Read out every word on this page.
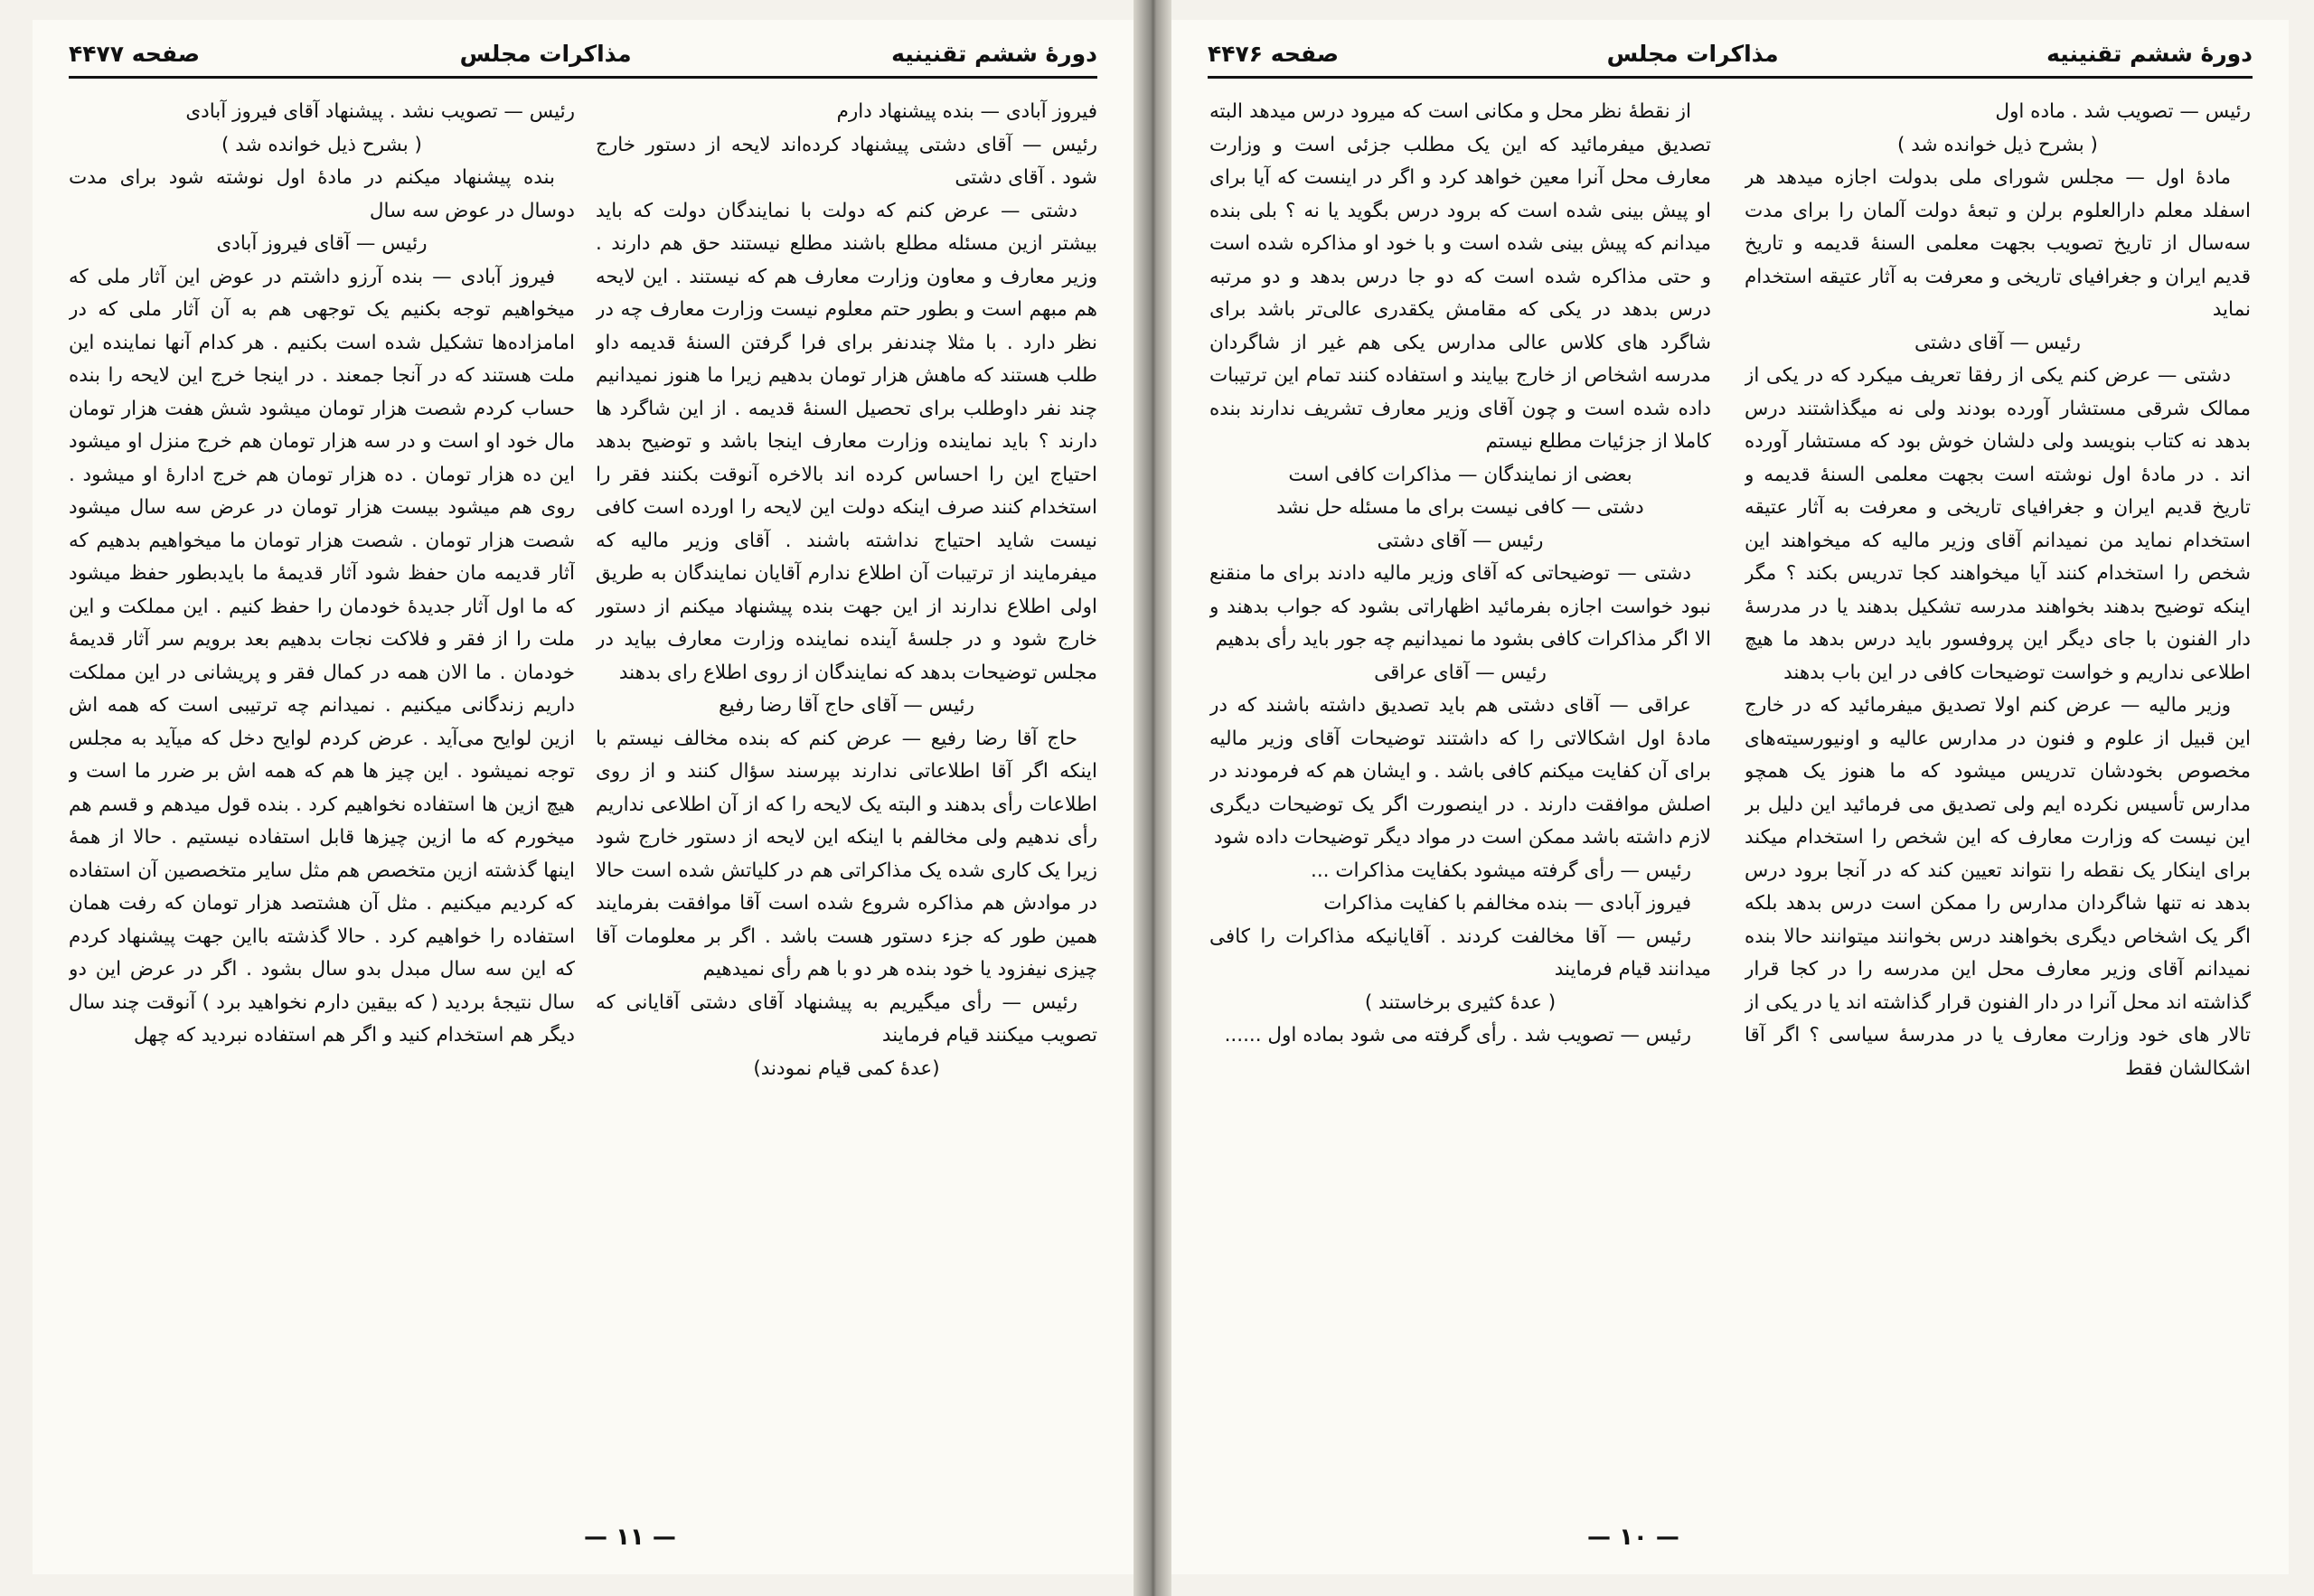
دورهٔ ششم تقنینیه
مذاکرات مجلس
صفحه ۴۴۷۷

فیروز آبادی — بنده پیشنهاد دارم

رئیس — آقای دشتی پیشنهاد کرده‌اند لایحه از دستور خارج شود . آقای دشتی

دشتی — عرض کنم که دولت با نمایندگان دولت که باید بیشتر ازین مسئله مطلع باشند مطلع نیستند حق هم دارند . وزیر معارف و معاون وزارت معارف هم که نیستند . این لایحه هم مبهم است و بطور حتم معلوم نیست وزارت معارف چه در نظر دارد . با مثلا چندنفر برای فرا گرفتن السنهٔ قدیمه داو طلب هستند که ماهش هزار تومان بدهیم زیرا ما هنوز نمیدانیم چند نفر داوطلب برای تحصیل السنهٔ قدیمه . از این شاگرد ها دارند ؟ باید نماینده وزارت معارف اینجا باشد و توضیح بدهد احتیاج این را احساس کرده اند بالاخره آنوقت بکنند فقر را استخدام کنند صرف اینکه دولت این لایحه را اورده است کافی نیست شاید احتیاج نداشته باشند . آقای وزیر مالیه که میفرمایند از ترتیبات آن اطلاع ندارم آقایان نمایندگان به طریق اولی اطلاع ندارند از این جهت بنده پیشنهاد میکنم از دستور خارج شود و در جلسهٔ آینده نماینده وزارت معارف بیاید در مجلس توضیحات بدهد که نمایندگان از روی اطلاع رای بدهند

رئیس — آقای حاج آقا رضا رفیع

حاج آقا رضا رفیع — عرض کنم که بنده مخالف نیستم با اینکه اگر آقا اطلاعاتی ندارند بپرسند سؤال کنند و از روی اطلاعات رأی بدهند و البته یک لایحه را که از آن اطلاعی نداریم رأی ندهیم ولی مخالفم با اینکه این لایحه از دستور خارج شود زیرا یک کاری شده یک مذاکراتی هم در کلیاتش شده است حالا در موادش هم مذاکره شروع شده است آقا موافقت بفرمایند همین طور که جزء دستور هست باشد . اگر بر معلومات آقا چیزی نیفزود یا خود بنده هر دو با هم رأی نمیدهیم

رئیس — رأی میگیریم به پیشنهاد آقای دشتی آقایانی که تصویب میکنند قیام فرمایند

(عدهٔ کمی قیام نمودند)

رئیس — تصویب نشد . پیشنهاد آقای فیروز آبادی

( بشرح ذیل خوانده شد )

بنده پیشنهاد میکنم در مادهٔ اول نوشته شود برای مدت دوسال در عوض سه سال

رئیس — آقای فیروز آبادی

فیروز آبادی — بنده آرزو داشتم در عوض این آثار ملی که میخواهیم توجه بکنیم یک توجهی هم به آن آثار ملی که در امامزاده‌ها تشکیل شده است بکنیم . هر کدام آنها نماینده این ملت هستند که در آنجا جمعند . در اینجا خرج این لایحه را بنده حساب کردم شصت هزار تومان میشود شش هفت هزار تومان مال خود او است و در سه هزار تومان هم خرج منزل او میشود این ده هزار تومان . ده هزار تومان هم خرج ادارهٔ او میشود . روی هم میشود بیست هزار تومان در عرض سه سال میشود شصت هزار تومان . شصت هزار تومان ما میخواهیم بدهیم که آثار قدیمه مان حفظ شود آثار قدیمهٔ ما بایدبطور حفظ میشود که ما اول آثار جدیدهٔ خودمان را حفظ کنیم . این مملکت و این ملت را از فقر و فلاکت نجات بدهیم بعد برویم سر آثار قدیمهٔ خودمان . ما الان همه در کمال فقر و پریشانی در این مملکت داریم زندگانی میکنیم . نمیدانم چه ترتیبی است که همه اش ازین لوایح می‌آید . عرض کردم لوایح دخل که میآید به مجلس توجه نمیشود . این چیز ها هم که همه اش بر ضرر ما است و هیچ ازین ها استفاده نخواهیم کرد . بنده قول میدهم و قسم هم میخورم که ما ازین چیزها قابل استفاده نیستیم . حالا از همهٔ اینها گذشته ازین متخصص هم مثل سایر متخصصین آن استفاده که کردیم میکنیم . مثل آن هشتصد هزار تومان که رفت همان استفاده را خواهیم کرد . حالا گذشته بااین جهت پیشنهاد کردم که این سه سال مبدل بدو سال بشود . اگر در عرض این دو سال نتیجهٔ بردید ( که بیقین دارم نخواهید برد ) آنوقت چند سال دیگر هم استخدام کنید و اگر هم استفاده نبردید که چهل

— ۱۱ —
دورهٔ ششم تقنینیه
مذاکرات مجلس
صفحه ۴۴۷۶

رئیس — تصویب شد . ماده اول

( بشرح ذیل خوانده شد )

مادهٔ اول — مجلس شورای ملی بدولت اجازه میدهد هر اسفلد معلم دارالعلوم برلن و تبعهٔ دولت آلمان را برای مدت سه‌سال از تاریخ تصویب بجهت معلمی السنهٔ قدیمه و تاریخ قدیم ایران و جغرافیای تاریخی و معرفت به آثار عتیقه استخدام نماید

رئیس — آقای دشتی

دشتی — عرض کنم یکی از رفقا تعریف میکرد که در یکی از ممالک شرقی مستشار آورده بودند ولی نه میگذاشتند درس بدهد نه کتاب بنویسد ولی دلشان خوش بود که مستشار آورده اند . در مادهٔ اول نوشته است بجهت معلمی السنهٔ قدیمه و تاریخ قدیم ایران و جغرافیای تاریخی و معرفت به آثار عتیقه استخدام نماید من نمیدانم آقای وزیر مالیه که میخواهند این شخص را استخدام کنند آیا میخواهند کجا تدریس بکند ؟ مگر اینکه توضیح بدهند بخواهند مدرسه تشکیل بدهند یا در مدرسهٔ دار الفنون با جای دیگر این پروفسور باید درس بدهد ما هیچ اطلاعی نداریم و خواست توضیحات کافی در این باب بدهند

وزیر مالیه — عرض کنم اولا تصدیق میفرمائید که در خارج این قبیل از علوم و فنون در مدارس عالیه و اونیورسیته‌های مخصوص بخودشان تدریس میشود که ما هنوز یک همچو مدارس تأسیس نکرده ایم ولی تصدیق می فرمائید این دلیل بر این نیست که وزارت معارف که این شخص را استخدام میکند برای اینکار یک نقطه را نتواند تعیین کند که در آنجا برود درس بدهد نه تنها شاگردان مدارس را ممکن است درس بدهد بلکه اگر یک اشخاص دیگری بخواهند درس بخوانند میتوانند حالا بنده نمیدانم آقای وزیر معارف محل این مدرسه را در کجا قرار گذاشته اند محل آنرا در دار الفنون قرار گذاشته اند یا در یکی از تالار های خود وزارت معارف یا در مدرسهٔ سیاسی ؟ اگر آقا اشکالشان فقط

از نقطهٔ نظر محل و مکانی است که میرود درس میدهد البته تصدیق میفرمائید که این یک مطلب جزئی است و وزارت معارف محل آنرا معین خواهد کرد و اگر در اینست که آیا برای او پیش بینی شده است که برود درس بگوید یا نه ؟ بلی بنده میدانم که پیش بینی شده است و با خود او مذاکره شده است و حتی مذاکره شده است که دو جا درس بدهد و دو مرتبه درس بدهد در یکی که مقامش یکقدری عالی‌تر باشد برای شاگرد های کلاس عالی مدارس یکی هم غیر از شاگردان مدرسه اشخاص از خارج بیایند و استفاده کنند تمام این ترتیبات داده شده است و چون آقای وزیر معارف تشریف ندارند بنده کاملا از جزئیات مطلع نیستم

بعضی از نمایندگان — مذاکرات کافی است

دشتی — کافی نیست برای ما مسئله حل نشد

رئیس — آقای دشتی

دشتی — توضیحاتی که آقای وزیر مالیه دادند برای ما منقنع نبود خواست اجازه بفرمائید اظهاراتی بشود که جواب بدهند و الا اگر مذاکرات کافی بشود ما نمیدانیم چه جور باید رأی بدهیم

رئیس — آقای عراقی

عراقی — آقای دشتی هم باید تصدیق داشته باشند که در مادهٔ اول اشکالاتی را که داشتند توضیحات آقای وزیر مالیه برای آن کفایت میکنم کافی باشد . و ایشان هم که فرمودند در اصلش موافقت دارند . در اینصورت اگر یک توضیحات دیگری لازم داشته باشد ممکن است در مواد دیگر توضیحات داده شود

رئیس — رأی گرفته میشود بکفایت مذاکرات ...

فیروز آبادی — بنده مخالفم با کفایت مذاکرات

رئیس — آقا مخالفت کردند . آقایانیکه مذاکرات را کافی میدانند قیام فرمایند

( عدهٔ کثیری برخاستند )

رئیس — تصویب شد . رأی گرفته می شود بماده اول ......

— ۱۰ —
